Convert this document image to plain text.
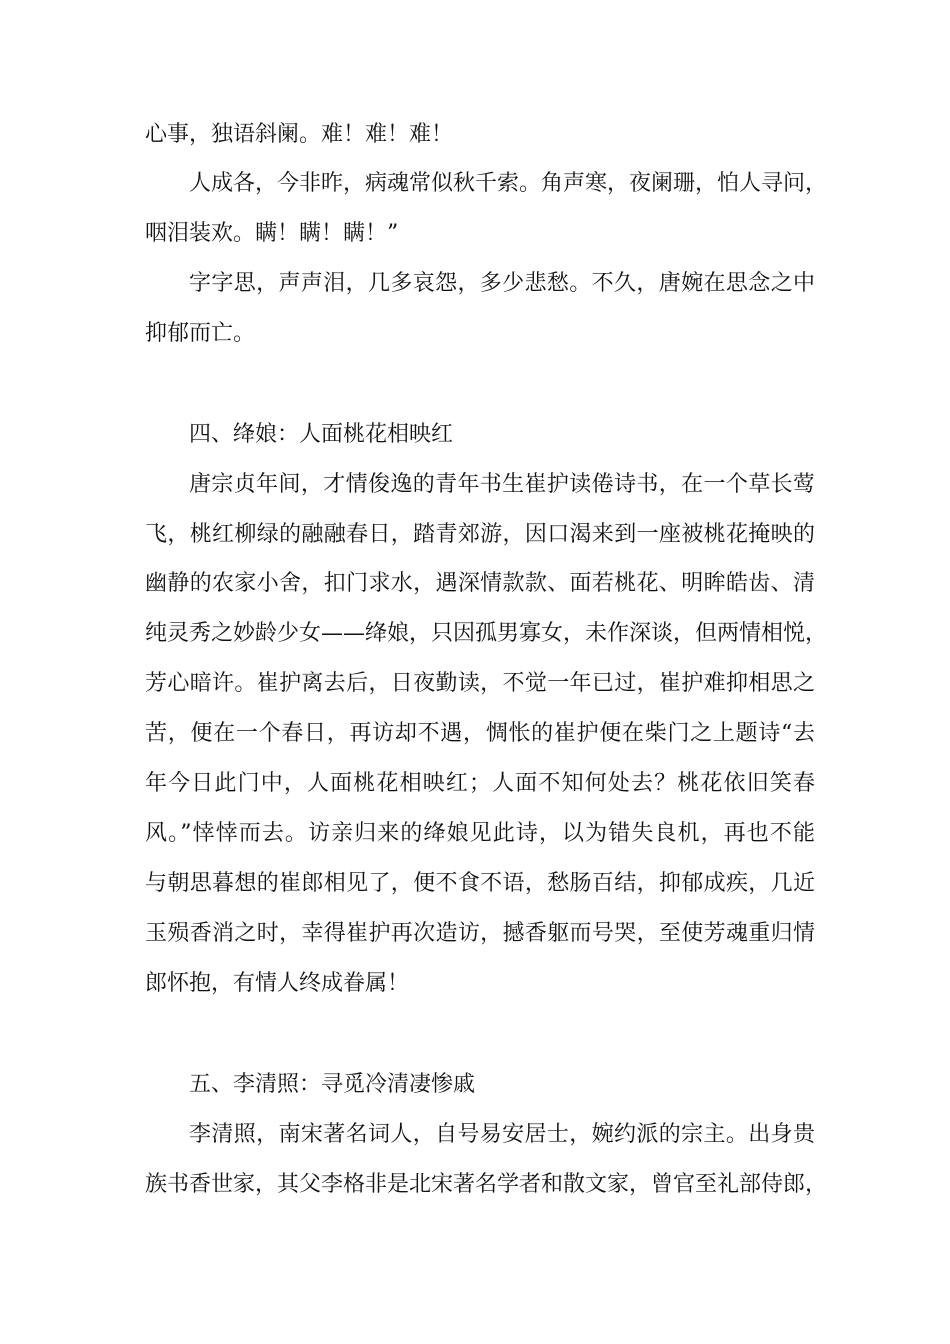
心事，独语斜阑。难！难！难！

人成各，今非昨，病魂常似秋千索。角声寒，夜阑珊，怕人寻问，

咽泪装欢。瞒！瞒！瞒！”

字字思，声声泪，几多哀怨，多少悲愁。不久，唐婉在思念之中

抑郁而亡。

四、绛娘：人面桃花相映红

唐宗贞年间，才情俊逸的青年书生崔护读倦诗书，在一个草长莺

飞，桃红柳绿的融融春日，踏青郊游，因口渴来到一座被桃花掩映的

幽静的农家小舍，扣门求水，遇深情款款、面若桃花、明眸皓齿、清

纯灵秀之妙龄少女——绛娘，只因孤男寡女，未作深谈，但两情相悦，

芳心暗许。崔护离去后，日夜勤读，不觉一年已过，崔护难抑相思之

苦，便在一个春日，再访却不遇，惆怅的崔护便在柴门之上题诗“去

年今日此门中，人面桃花相映红；人面不知何处去？桃花依旧笑春

风。”悻悻而去。访亲归来的绛娘见此诗，以为错失良机，再也不能

与朝思暮想的崔郎相见了，便不食不语，愁肠百结，抑郁成疾，几近

玉殒香消之时，幸得崔护再次造访，撼香躯而号哭，至使芳魂重归情

郎怀抱，有情人终成眷属！

五、李清照：寻觅冷清凄惨戚

李清照，南宋著名词人，自号易安居士，婉约派的宗主。出身贵

族书香世家，其父李格非是北宋著名学者和散文家，曾官至礼部侍郎，
